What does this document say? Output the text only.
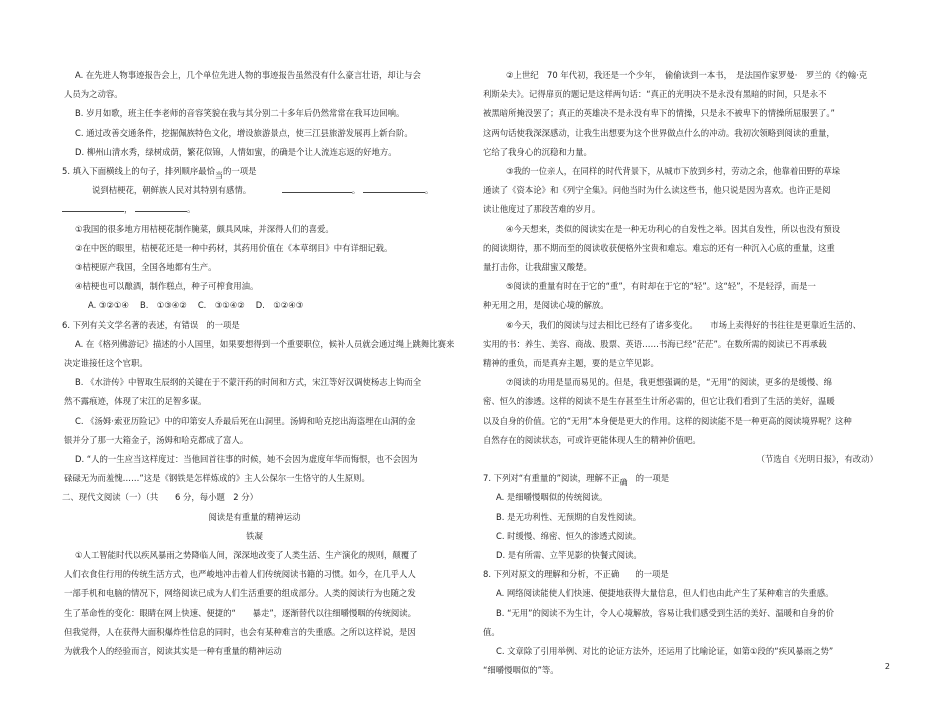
A. 在先进人物事迹报告会上，几个单位先进人物的事迹报告虽然没有什么豪言壮语，却让与会

人员为之动容。

B. 岁月如歌，班主任李老师的音容笑貌在我与其分别二十多年后仍然常常在我耳边回响。

C. 通过改善交通条件，挖掘佩族特色文化，增设旅游景点，使三江县旅游发展再上新台阶。

D. 柳州山清水秀，绿树成荫，繁花似锦，人情如蜜，的确是个让人流连忘返的好地方。

5. 填入下面横线上的句子，排列顺序最恰当的一项是

说到桔梗花，朝鲜族人民对其特别有感情。	。	。

，	。

①我国的很多地方用桔梗花制作腌菜，颇具风味，并深得人们的喜爱。

②在中医的眼里，桔梗花还是一种中药材，其药用价值在《本草纲目》中有详细记载。

③桔梗原产我国，全国各地都有生产。

④桔梗也可以酿酒，制作糕点，种子可榨食用油。

A. ③②①④　 B.　①③④②　 C.　③①④②　 D.　①②④③

6. 下列有关文学名著的表述，有错误 的一项是

A. 在《格列佛游记》描述的小人国里，如果要想得到一个重要职位，候补人员就会通过绳上跳舞比赛来

决定谁接任这个官职。

B. 《水浒传》中智取生辰纲的关键在于不蒙汗药的时间和方式，宋江等好汉调使杨志上钩而全

然不露痕迹，体现了宋江的足智多谋。

C. 《汤姆·索亚历险记》中的印第安人乔最后死在山洞里。汤姆和哈克挖出海盗埋在山洞的金

银并分了那一大箱金子，汤姆和哈克都成了富人。

D. “人的一生应当这样度过：当他回首往事的时候，她不会因为虚度年华而悔恨，也不会因为

碌碌无为而羞愧……”这是《钢铁是怎样炼成的》主人公保尔一生恪守的人生原则。

二、现代文阅读（一）（共　　6 分，每小题　2 分）

阅读是有重量的精神运动

铁凝

①人工智能时代以疾风暴雨之势降临人间，深深地改变了人类生活、生产演化的规则，颠覆了

人们衣食住行用的传统生活方式，也严峻地冲击着人们传统阅读书籍的习惯。如今，在几乎人人

一部手机和电脑的情况下，网络阅读已成为人们生活重要的组成部分。人类的阅读行为也随之发

生了革命性的变化：眼睛在网上快速、便捷的“　　暴走”，逐渐替代以往细嚼慢咽的传统阅读。

但我觉得，人在获得大面积爆炸性信息的同时，也会有某种难言的失重感。之所以这样说，是因

为就我个人的经验而言，阅读其实是一种有重量的精神运动

②上世纪　70 年代初，我还是一个少年，　偷偷读到一本书，　是法国作家罗曼·　罗兰的《约翰·克

利斯朵夫》。记得扉页的题记是这样两句话：“真正的光明决不是永没有黑暗的时间，只是永不

被黑暗所掩没罢了；真正的英雄决不是永没有卑下的情操，只是永不被卑下的情操所屈服罢了。”

这两句话使我深深感动，让我生出想要为这个世界做点什么的冲动。我初次领略到阅读的重量，

它给了我身心的沉稳和力量。

③我的一位亲人，在同样的时代背景下，从城市下放到乡村，劳动之余，他靠着田野的草垛

通读了《资本论》和《列宁全集》。问他当时为什么读这些书，他只说是因为喜欢。也许正是阅

读让他度过了那段苦难的岁月。

④今天想来，类似的阅读实在是一种无功利心的自发性之举。因其自发性，所以也没有预设

的阅读期待，那不期而至的阅读收获便格外宝贵和难忘。难忘的还有一种沉入心底的重量，这重

量打击你，让我甜蜜又酸楚。

⑤阅读的重量有时在于它的“重”，有时却在于它的“轻”。这“轻”，不是轻浮，而是一

种无用之用，是阅读心境的解放。

⑥今天，我们的阅读与过去相比已经有了诸多变化。　　市场上卖得好的书往往是更靠近生活的、

实用的书：养生、美容、商战、股票、英语……书海已经“茫茫”。在数所需的阅读已不再承载

精神的重负，而是真弃主题，要的是立竿见影。

⑦阅读的功用是显而易见的。但是，我更想强调的是，“无用”的阅读，更多的是缓慢、绵

密、恒久的渗透。这样的阅读不是生存甚至生计所必需的，但它让我们看到了生活的美好，温暖

以及自身的价值。它的“无用”本身便是更大的作用。这样的阅读能不是一种更高的阅读境界呢？这种

自然存在的阅读状态，可或许更能体现人生的精神价值吧。

（节选自《光明日报》，有改动）

7. 下列对“有重量的”阅读，理解不正确 的一项是

A. 是细嚼慢咽似的传统阅读。

B. 是无功利性、无预期的自发性阅读。

C. 时缓慢、绵密、恒久的渗透式阅读。

D. 是有所需、立竿见影的快餐式阅读。

8. 下列对原文的理解和分析，不正确 的一项是

A. 网络阅读能使人们快速、便捷地获得大量信息，但人们也由此产生了某种难言的失重感。

B. “无用”的阅读不为生计，令人心境解放，容易让我们感受到生活的美好、温暖和自身的价

值。

C. 文章除了引用举例、对比的论证方法外，还运用了比喻论证，如第①段的“疾风暴雨之势”

“细嚼慢咽似的”等。	2
